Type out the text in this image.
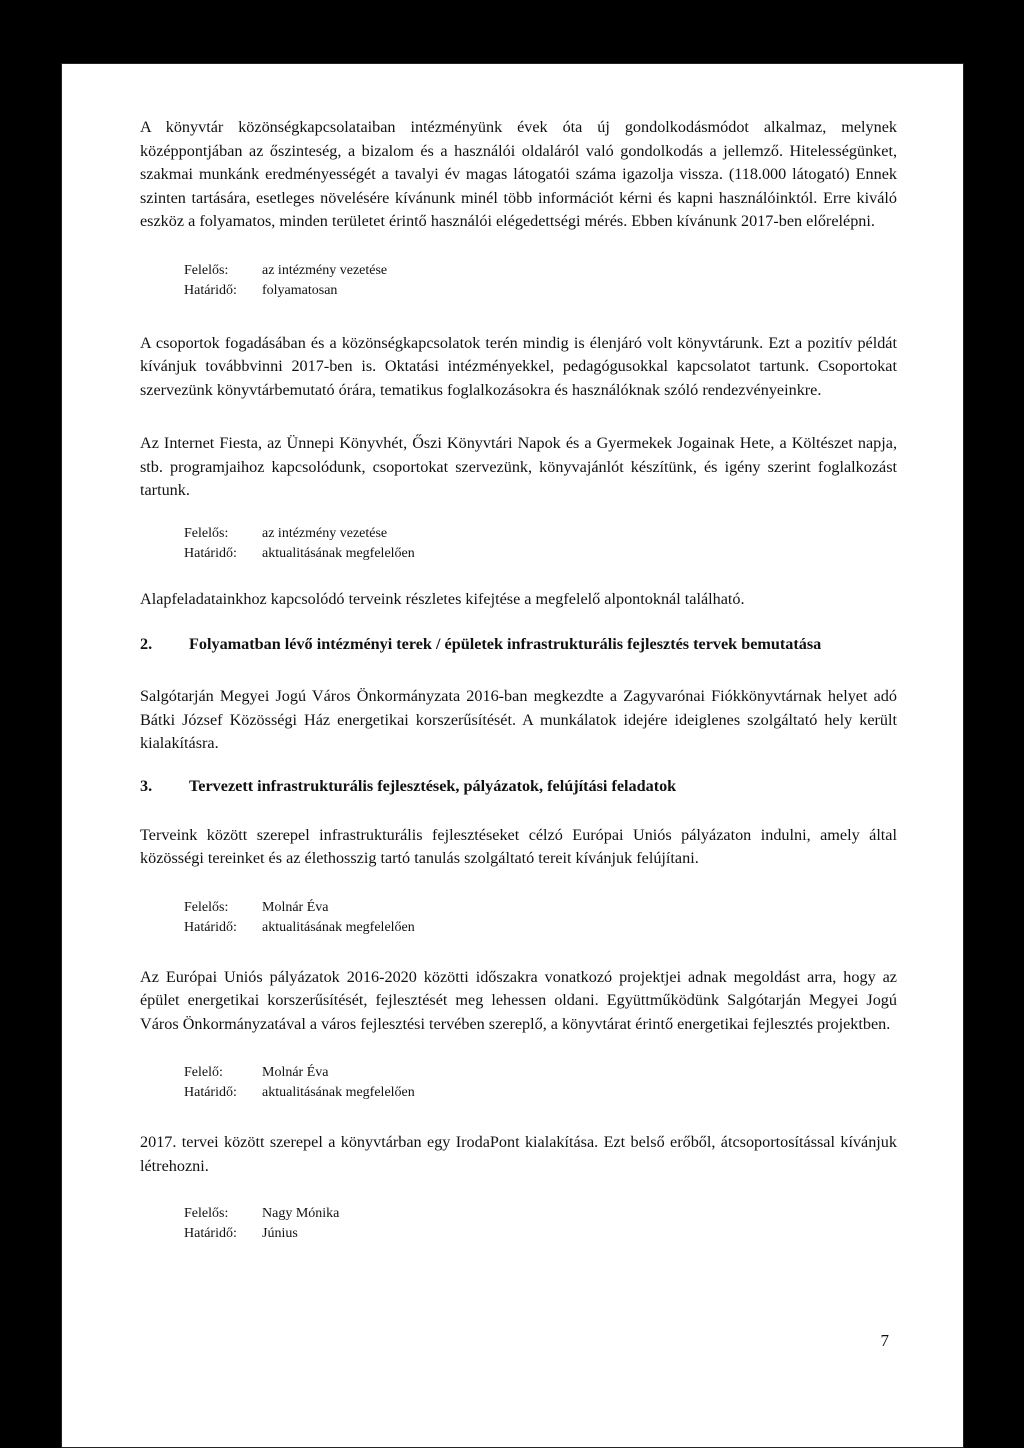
A könyvtár közönségkapcsolataiban intézményünk évek óta új gondolkodásmódot alkalmaz, melynek középpontjában az őszinteség, a bizalom és a használói oldaláról való gondolkodás a jellemző. Hitelességünket, szakmai munkánk eredményességét a tavalyi év magas látogatói száma igazolja vissza. (118.000 látogató) Ennek szinten tartására, esetleges növelésére kívánunk minél több információt kérni és kapni használóinktól. Erre kiváló eszköz a folyamatos, minden területet érintő használói elégedettségi mérés. Ebben kívánunk 2017-ben előrelépni.

Felelős:	az intézmény vezetése
Határidő:	folyamatosan

A csoportok fogadásában és a közönségkapcsolatok terén mindig is élenjáró volt könyvtárunk. Ezt a pozitív példát kívánjuk továbbvinni 2017-ben is. Oktatási intézményekkel, pedagógusokkal kapcsolatot tartunk. Csoportokat szervezünk könyvtárbemutató órára, tematikus foglalkozásokra és használóknak szóló rendezvényeinkre.

Az Internet Fiesta, az Ünnepi Könyvhét, Őszi Könyvtári Napok és a Gyermekek Jogainak Hete, a Költészet napja, stb. programjaihoz kapcsolódunk, csoportokat szervezünk, könyvajánlót készítünk, és igény szerint foglalkozást tartunk.

Felelős:	az intézmény vezetése
Határidő:	aktualitásának megfelelően

Alapfeladatainkhoz kapcsolódó terveink részletes kifejtése a megfelelő alpontoknál található.

2.	Folyamatban lévő intézményi terek / épületek infrastrukturális fejlesztés tervek bemutatása

Salgótarján Megyei Jogú Város Önkormányzata 2016-ban megkezdte a Zagyvarónai Fiókkönyvtárnak helyet adó Bátki József Közösségi Ház energetikai korszerűsítését. A munkálatok idejére ideiglenes szolgáltató hely került kialakításra.

3.	Tervezett infrastrukturális fejlesztések, pályázatok, felújítási feladatok

Terveink között szerepel infrastrukturális fejlesztéseket célzó Európai Uniós pályázaton indulni, amely által közösségi tereinket és az élethosszig tartó tanulás szolgáltató tereit kívánjuk felújítani.

Felelős:	Molnár Éva
Határidő:	aktualitásának megfelelően

Az Európai Uniós pályázatok 2016-2020 közötti időszakra vonatkozó projektjei adnak megoldást arra, hogy az épület energetikai korszerűsítését, fejlesztését meg lehessen oldani. Együttműködünk Salgótarján Megyei Jogú Város Önkormányzatával a város fejlesztési tervében szereplő, a könyvtárat érintő energetikai fejlesztés projektben.

Felelő:	Molnár Éva
Határidő:	aktualitásának megfelelően

2017. tervei között szerepel a könyvtárban egy IrodaPont kialakítása. Ezt belső erőből, átcsoportosítással kívánjuk létrehozni.

Felelős:	Nagy Mónika
Határidő:	Június
7
